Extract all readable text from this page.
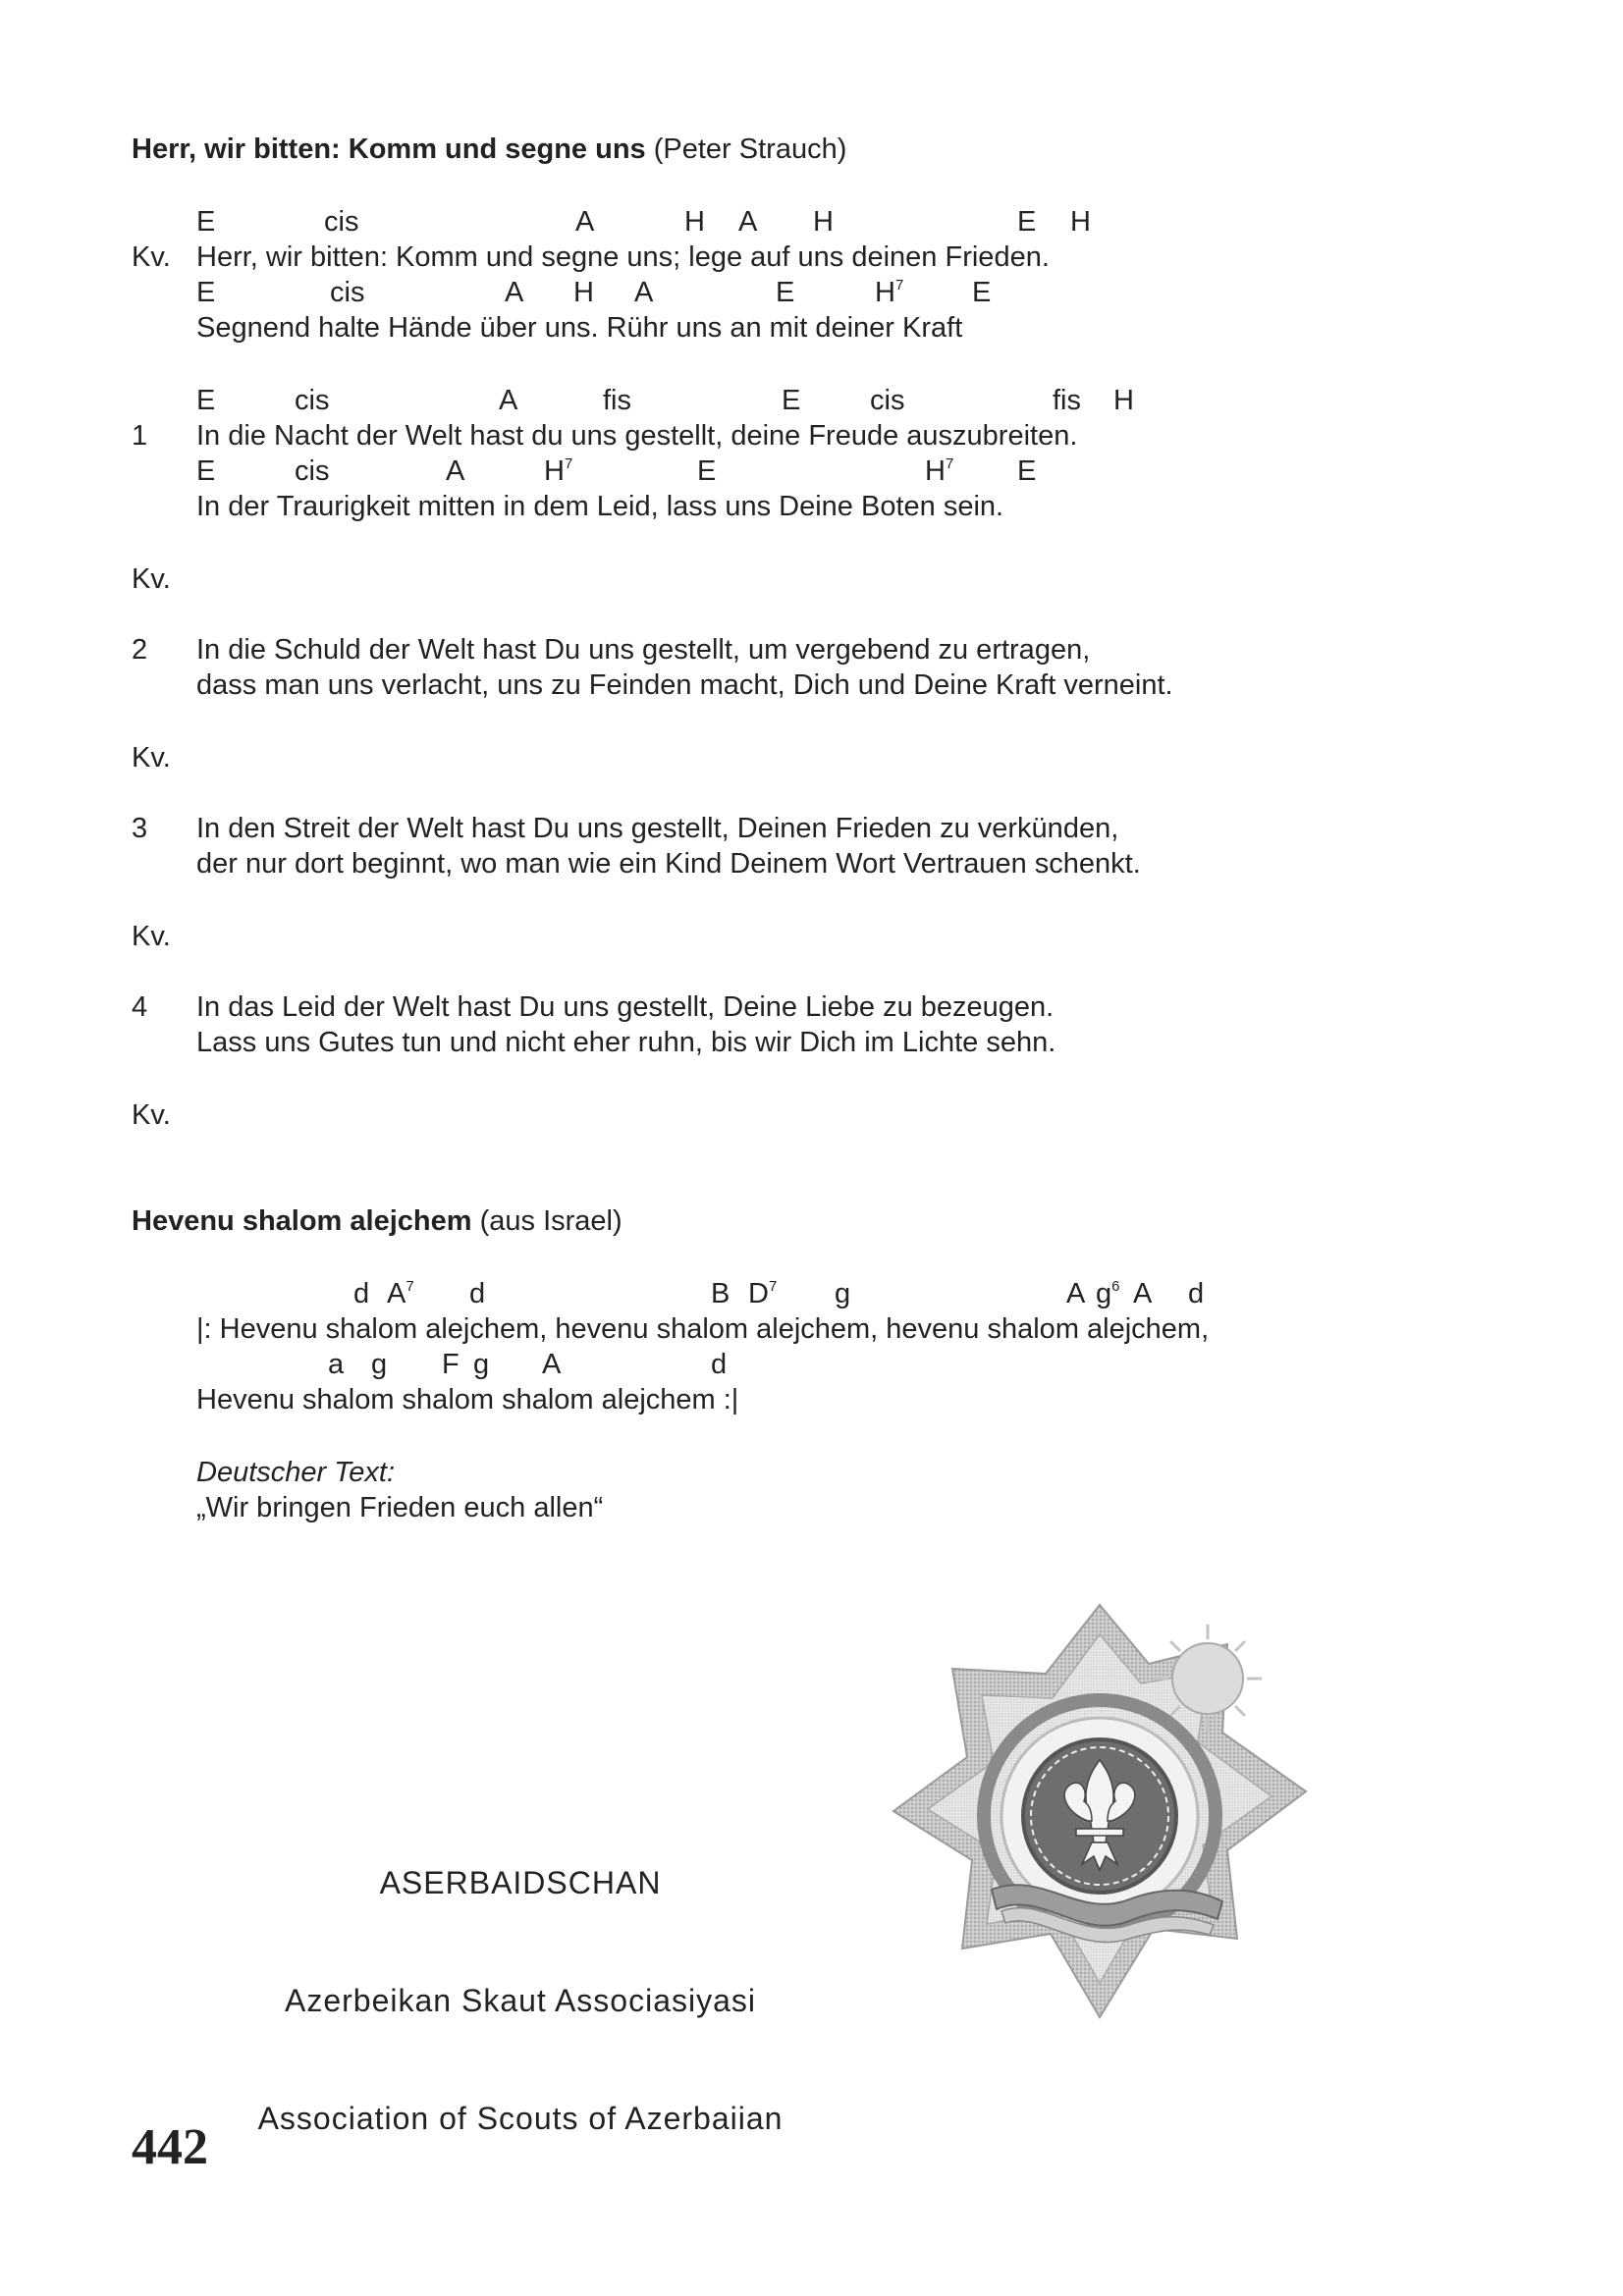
Herr, wir bitten: Komm und segne uns (Peter Strauch)

E

	cis

	A

	H

A

H

	E

H

Kv. Herr, wir bitten: Komm und segne uns; lege auf uns deinen Frieden.

E

	cis

	A

H

A

	E

	$H^7$

E

Segnend halte Hände über uns. Rühr uns an mit deiner Kraft

E

	cis

	A

	fis

	E

cis

	fis

H

1 In die Nacht der Welt hast du uns gestellt, deine Freude auszubreiten.

E

	cis

	A

	$H^7$

	E

	$H^7$

E

In der Traurigkeit mitten in dem Leid, lass uns Deine Boten sein.
Kv.
2 In die Schuld der Welt hast Du uns gestellt, um vergebend zu ertragen,
dass man uns verlacht, uns zu Feinden macht, Dich und Deine Kraft verneint.
Kv.
3 In den Streit der Welt hast Du uns gestellt, Deinen Frieden zu verkünden,
der nur dort beginnt, wo man wie ein Kind Deinem Wort Vertrauen schenkt.
Kv.
4 In das Leid der Welt hast Du uns gestellt, Deine Liebe zu bezeugen.
Lass uns Gutes tun und nicht eher ruhn, bis wir Dich im Lichte sehn.
Kv.
Hevenu shalom alejchem (aus Israel)

d

$A^7$

d

	B

$D^7$

g

	A

$g^6$

A

d

|: Hevenu shalom alejchem, hevenu shalom alejchem, hevenu shalom alejchem,

a

g

F

g

A

	d

Hevenu shalom shalom shalom alejchem :|
Deutscher Text:
„Wir bringen Frieden euch allen“

ASERBAIDSCHAN

Azerbeikan Skaut Associasiyasi

Association of Scouts of Azerbaiian

442
